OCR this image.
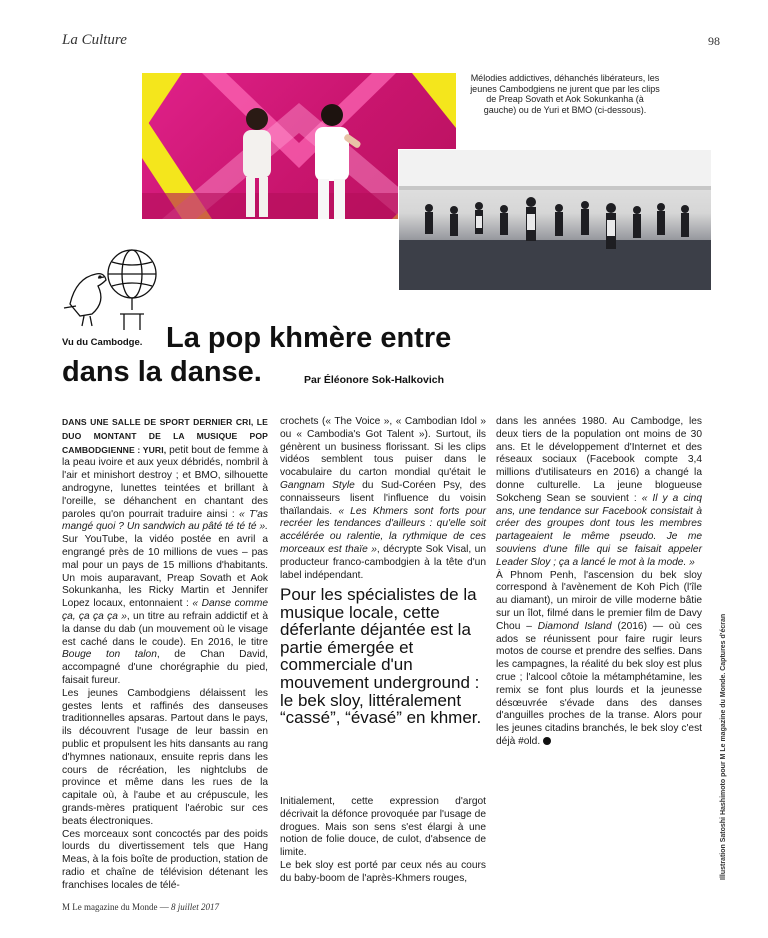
La Culture	98
Mélodies addictives, déhanchés libérateurs, les jeunes Cambodgiens ne jurent que par les clips de Preap Sovath et Aok Sokunkanha (à gauche) ou de Yuri et BMO (ci-dessous).
Vu du Cambodge. La pop khmère entre
dans la danse.	Par Éléonore Sok-Halkovich

DANS UNE SALLE DE SPORT DERNIER CRI, LE DUO MONTANT DE LA MUSIQUE POP CAMBODGIENNE : YURI, petit bout de femme à la peau ivoire et aux yeux débridés, nombril à l'air et minishort destroy ; et BMO, silhouette androgyne, lunettes teintées et brillant à l'oreille, se déhanchent en chantant des paroles qu'on pourrait traduire ainsi : « T'as mangé quoi ? Un sandwich au pâté té té té ». Sur YouTube, la vidéo postée en avril a engrangé près de 10 millions de vues – pas mal pour un pays de 15 millions d'habitants. Un mois auparavant, Preap Sovath et Aok Sokunkanha, les Ricky Martin et Jennifer Lopez locaux, entonnaient : « Danse comme ça, ça ça ça », un titre au refrain addictif et à la danse du dab (un mouvement où le visage est caché dans le coude). En 2016, le titre Bouge ton talon, de Chan David, accompagné d'une chorégraphie du pied, faisait fureur.

Les jeunes Cambodgiens délaissent les gestes lents et raffinés des danseuses traditionnelles apsaras. Partout dans le pays, ils découvrent l'usage de leur bassin en public et propulsent les hits dansants au rang d'hymnes nationaux, ensuite repris dans les cours de récréation, les nightclubs de province et même dans les rues de la capitale où, à l'aube et au crépuscule, les grands-mères pratiquent l'aérobic sur ces beats électroniques.

Ces morceaux sont concoctés par des poids lourds du divertissement tels que Hang Meas, à la fois boîte de production, station de radio et chaîne de télévision détenant les franchises locales de télé-

crochets (« The Voice », « Cambodian Idol » ou « Cambodia's Got Talent »). Surtout, ils génèrent un business florissant. Si les clips vidéos semblent tous puiser dans le vocabulaire du carton mondial qu'était le Gangnam Style du Sud-Coréen Psy, des connaisseurs lisent l'influence du voisin thaïlandais. « Les Khmers sont forts pour recréer les tendances d'ailleurs : qu'elle soit accélérée ou ralentie, la rythmique de ces morceaux est thaïe », décrypte Sok Visal, un producteur franco-cambodgien à la tête d'un label indépendant.

Pour les spécialistes de la musique locale, cette déferlante déjantée est la partie émergée et commerciale d'un mouvement underground : le bek sloy, littéralement “cassé”, “évasé” en khmer.

Initialement, cette expression d'argot décrivait la défonce provoquée par l'usage de drogues. Mais son sens s'est élargi à une notion de folie douce, de culot, d'absence de limite.

Le bek sloy est porté par ceux nés au cours du baby-boom de l'après-Khmers rouges,

dans les années 1980. Au Cambodge, les deux tiers de la population ont moins de 30 ans. Et le développement d'Internet et des réseaux sociaux (Facebook compte 3,4 millions d'utilisateurs en 2016) a changé la donne culturelle. La jeune blogueuse Sokcheng Sean se souvient : « Il y a cinq ans, une tendance sur Facebook consistait à créer des groupes dont tous les membres partageaient le même pseudo. Je me souviens d'une fille qui se faisait appeler Leader Sloy ; ça a lancé le mot à la mode. »

À Phnom Penh, l'ascension du bek sloy correspond à l'avènement de Koh Pich (l'île au diamant), un miroir de ville moderne bâtie sur un îlot, filmé dans le premier film de Davy Chou – Diamond Island (2016) — où ces ados se réunissent pour faire rugir leurs motos de course et prendre des selfies. Dans les campagnes, la réalité du bek sloy est plus crue ; l'alcool côtoie la métamphétamine, les remix se font plus lourds et la jeunesse désœuvrée s'évade dans des danses d'anguilles proches de la transe. Alors pour les jeunes citadins branchés, le bek sloy c'est déjà #old.	Illustration Satoshi Hashimoto pour M Le magazine du Monde. Captures d'écran
M Le magazine du Monde — 8 juillet 2017
